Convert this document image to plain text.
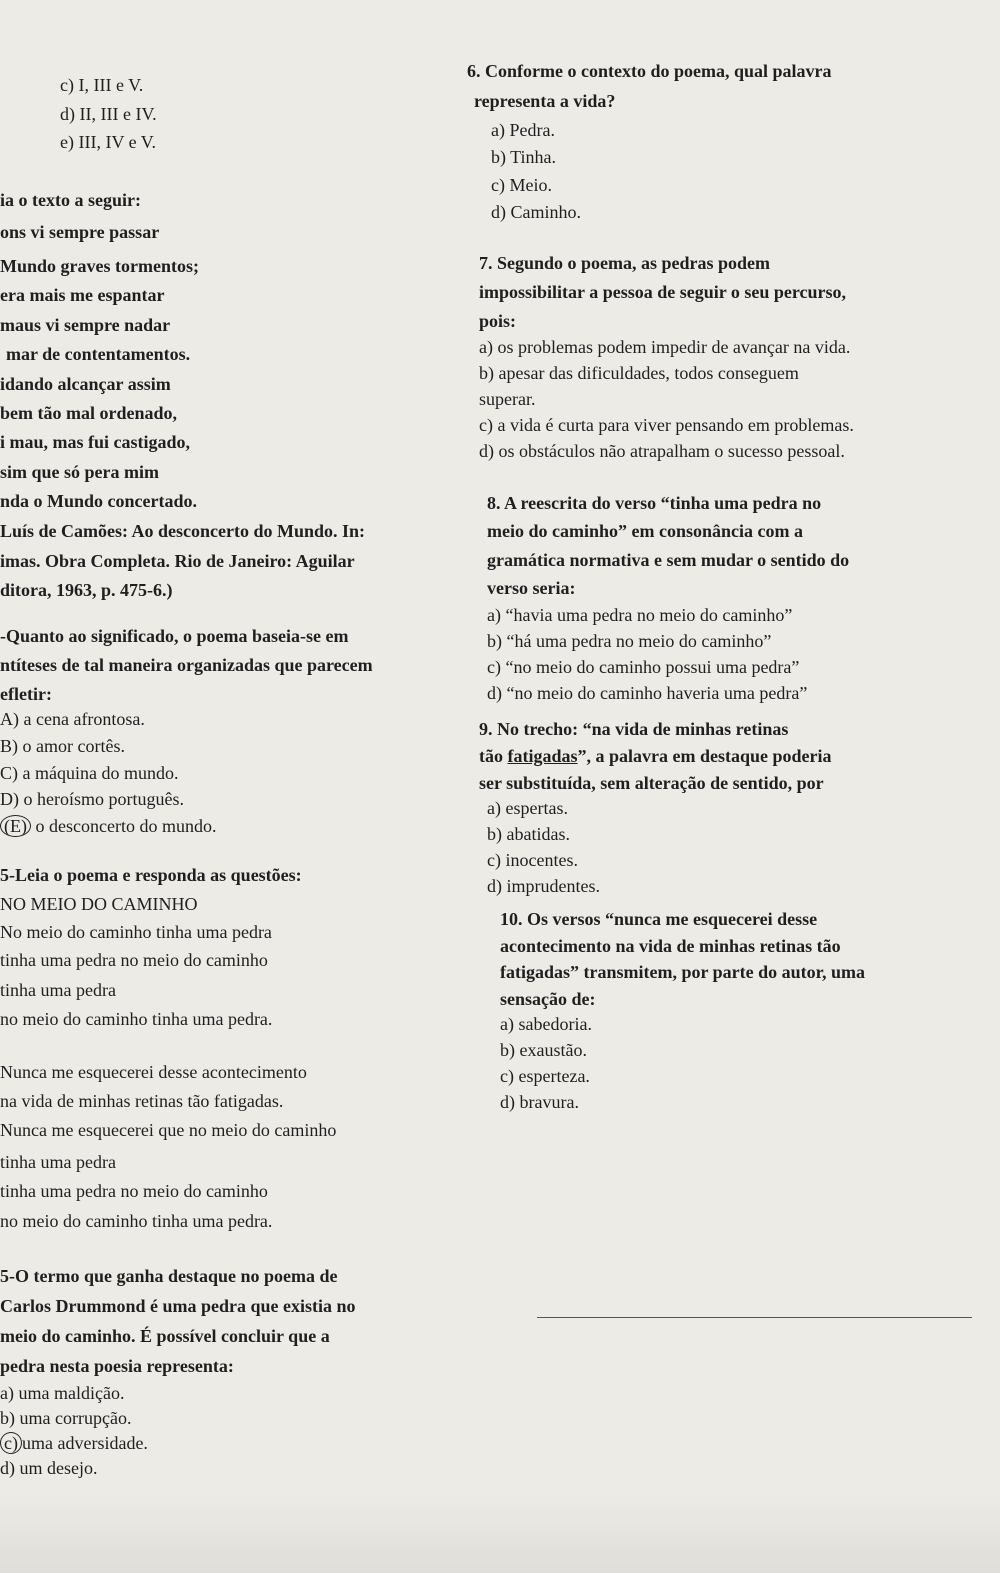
c) I, III e V.
d) II, III e IV.
e) III, IV e V.
ia o texto a seguir:
ons vi sempre passar
Mundo graves tormentos;
era mais me espantar
maus vi sempre nadar
mar de contentamentos.
idando alcançar assim
bem tão mal ordenado,
i mau, mas fui castigado,
sim que só pera mim
nda o Mundo concertado.
Luís de Camões: Ao desconcerto do Mundo. In:
imas. Obra Completa. Rio de Janeiro: Aguilar
ditora, 1963, p. 475-6.)
-Quanto ao significado, o poema baseia-se em
ntíteses de tal maneira organizadas que parecem
efletir:
A) a cena afrontosa.
B) o amor cortês.
C) a máquina do mundo.
D) o heroísmo português.
(E) o desconcerto do mundo.
5-Leia o poema e responda as questões:
NO MEIO DO CAMINHO
No meio do caminho tinha uma pedra
tinha uma pedra no meio do caminho
tinha uma pedra
no meio do caminho tinha uma pedra.
Nunca me esquecerei desse acontecimento
na vida de minhas retinas tão fatigadas.
Nunca me esquecerei que no meio do caminho
tinha uma pedra
tinha uma pedra no meio do caminho
no meio do caminho tinha uma pedra.
5-O termo que ganha destaque no poema de
Carlos Drummond é uma pedra que existia no
meio do caminho. É possível concluir que a
pedra nesta poesia representa:
a) uma maldição.
b) uma corrupção.
c) uma adversidade.
d) um desejo.
6. Conforme o contexto do poema, qual palavra
representa a vida?
a) Pedra.
b) Tinha.
c) Meio.
d) Caminho.
7. Segundo o poema, as pedras podem
impossibilitar a pessoa de seguir o seu percurso,
pois:
a) os problemas podem impedir de avançar na vida.
b) apesar das dificuldades, todos conseguem
superar.
c) a vida é curta para viver pensando em problemas.
d) os obstáculos não atrapalham o sucesso pessoal.
8. A reescrita do verso “tinha uma pedra no
meio do caminho” em consonância com a
gramática normativa e sem mudar o sentido do
verso seria:
a) “havia uma pedra no meio do caminho”
b) “há uma pedra no meio do caminho”
c) “no meio do caminho possui uma pedra”
d) “no meio do caminho haveria uma pedra”
9. No trecho: “na vida de minhas retinas
tão fatigadas”, a palavra em destaque poderia
ser substituída, sem alteração de sentido, por
a) espertas.
b) abatidas.
c) inocentes.
d) imprudentes.
10. Os versos “nunca me esquecerei desse
acontecimento na vida de minhas retinas tão
fatigadas” transmitem, por parte do autor, uma
sensação de:
a) sabedoria.
b) exaustão.
c) esperteza.
d) bravura.
